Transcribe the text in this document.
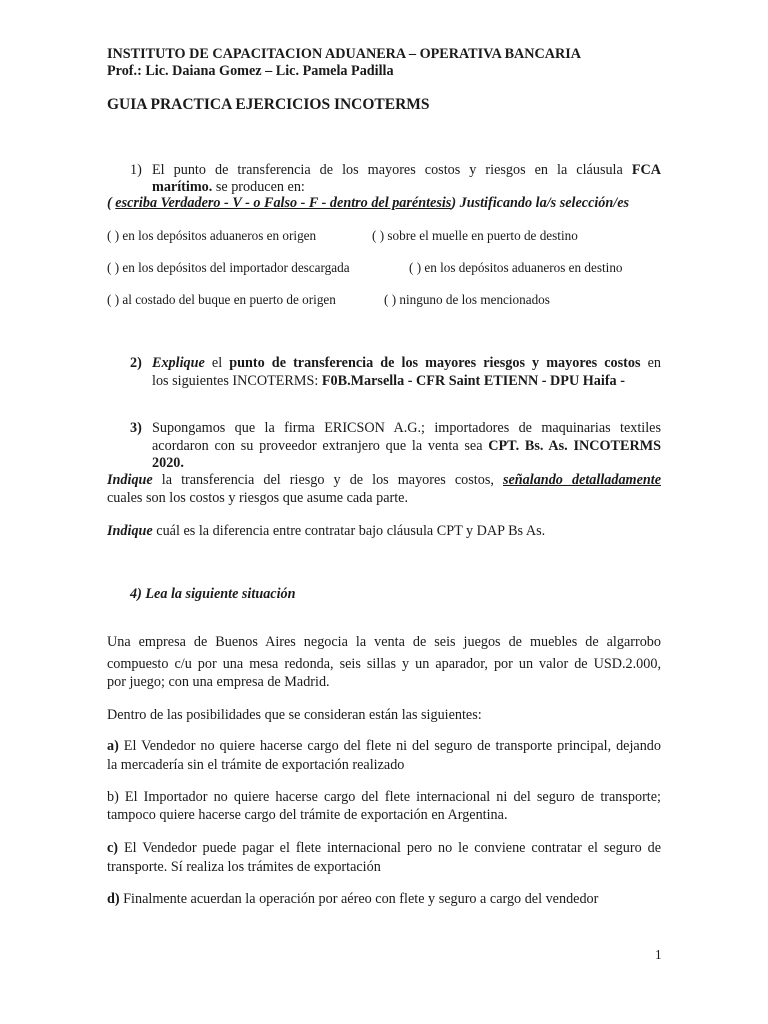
INSTITUTO DE CAPACITACION ADUANERA – OPERATIVA BANCARIA
Prof.: Lic. Daiana Gomez – Lic. Pamela Padilla
GUIA PRACTICA EJERCICIOS INCOTERMS
1) El punto de transferencia de los mayores costos y riesgos en la cláusula FCA
marítimo. se producen en:
( escriba Verdadero - V - o Falso - F - dentro del paréntesis) Justificando la/s selección/es
( ) en los depósitos aduaneros en origen	( ) sobre el muelle en puerto de destino
( ) en los depósitos del importador descargada	( ) en los depósitos aduaneros en destino
( ) al costado del buque en puerto de origen	( ) ninguno de los mencionados
2) Explique el punto de transferencia de los mayores riesgos y mayores costos en
los siguientes INCOTERMS: F0B.Marsella - CFR Saint ETIENN - DPU Haifa -
3) Supongamos que la firma ERICSON A.G.; importadores de maquinarias textiles
acordaron con su proveedor extranjero que la venta sea CPT. Bs. As. INCOTERMS
2020.
Indique la transferencia del riesgo y de los mayores costos, señalando detalladamente
cuales son los costos y riesgos que asume cada parte.
Indique cuál es la diferencia entre contratar bajo cláusula CPT y DAP Bs As.
4) Lea la siguiente situación
Una empresa de Buenos Aires negocia la venta de seis juegos de muebles de algarrobo
compuesto c/u por una mesa redonda, seis sillas y un aparador, por un valor de USD.2.000,
por juego; con una empresa de Madrid.
Dentro de las posibilidades que se consideran están las siguientes:
a) El Vendedor no quiere hacerse cargo del flete ni del seguro de transporte principal, dejando
la mercadería sin el trámite de exportación realizado
b) El Importador no quiere hacerse cargo del flete internacional ni del seguro de transporte;
tampoco quiere hacerse cargo del trámite de exportación en Argentina.
c) El Vendedor puede pagar el flete internacional pero no le conviene contratar el seguro de
transporte. Sí realiza los trámites de exportación
d) Finalmente acuerdan la operación por aéreo con flete y seguro a cargo del vendedor
1
